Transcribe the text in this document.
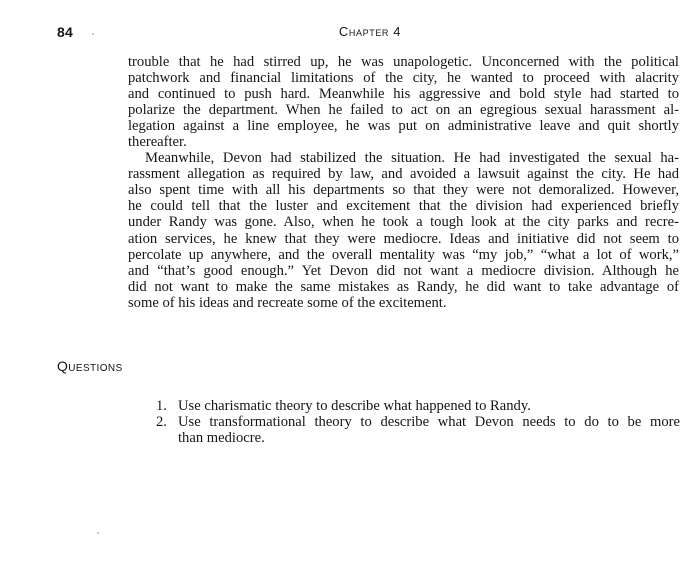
84	Chapter 4
trouble that he had stirred up, he was unapologetic. Unconcerned with the political
patchwork and financial limitations of the city, he wanted to proceed with alacrity
and continued to push hard. Meanwhile his aggressive and bold style had started to
polarize the department. When he failed to act on an egregious sexual harassment al-
legation against a line employee, he was put on administrative leave and quit shortly
thereafter.
Meanwhile, Devon had stabilized the situation. He had investigated the sexual ha-
rassment allegation as required by law, and avoided a lawsuit against the city. He had
also spent time with all his departments so that they were not demoralized. However,
he could tell that the luster and excitement that the division had experienced briefly
under Randy was gone. Also, when he took a tough look at the city parks and recre-
ation services, he knew that they were mediocre. Ideas and initiative did not seem to
percolate up anywhere, and the overall mentality was “my job,” “what a lot of work,”
and “that’s good enough.” Yet Devon did not want a mediocre division. Although he
did not want to make the same mistakes as Randy, he did want to take advantage of
some of his ideas and recreate some of the excitement.
Questions
1. Use charismatic theory to describe what happened to Randy.
2. Use transformational theory to describe what Devon needs to do to be more
than mediocre.
